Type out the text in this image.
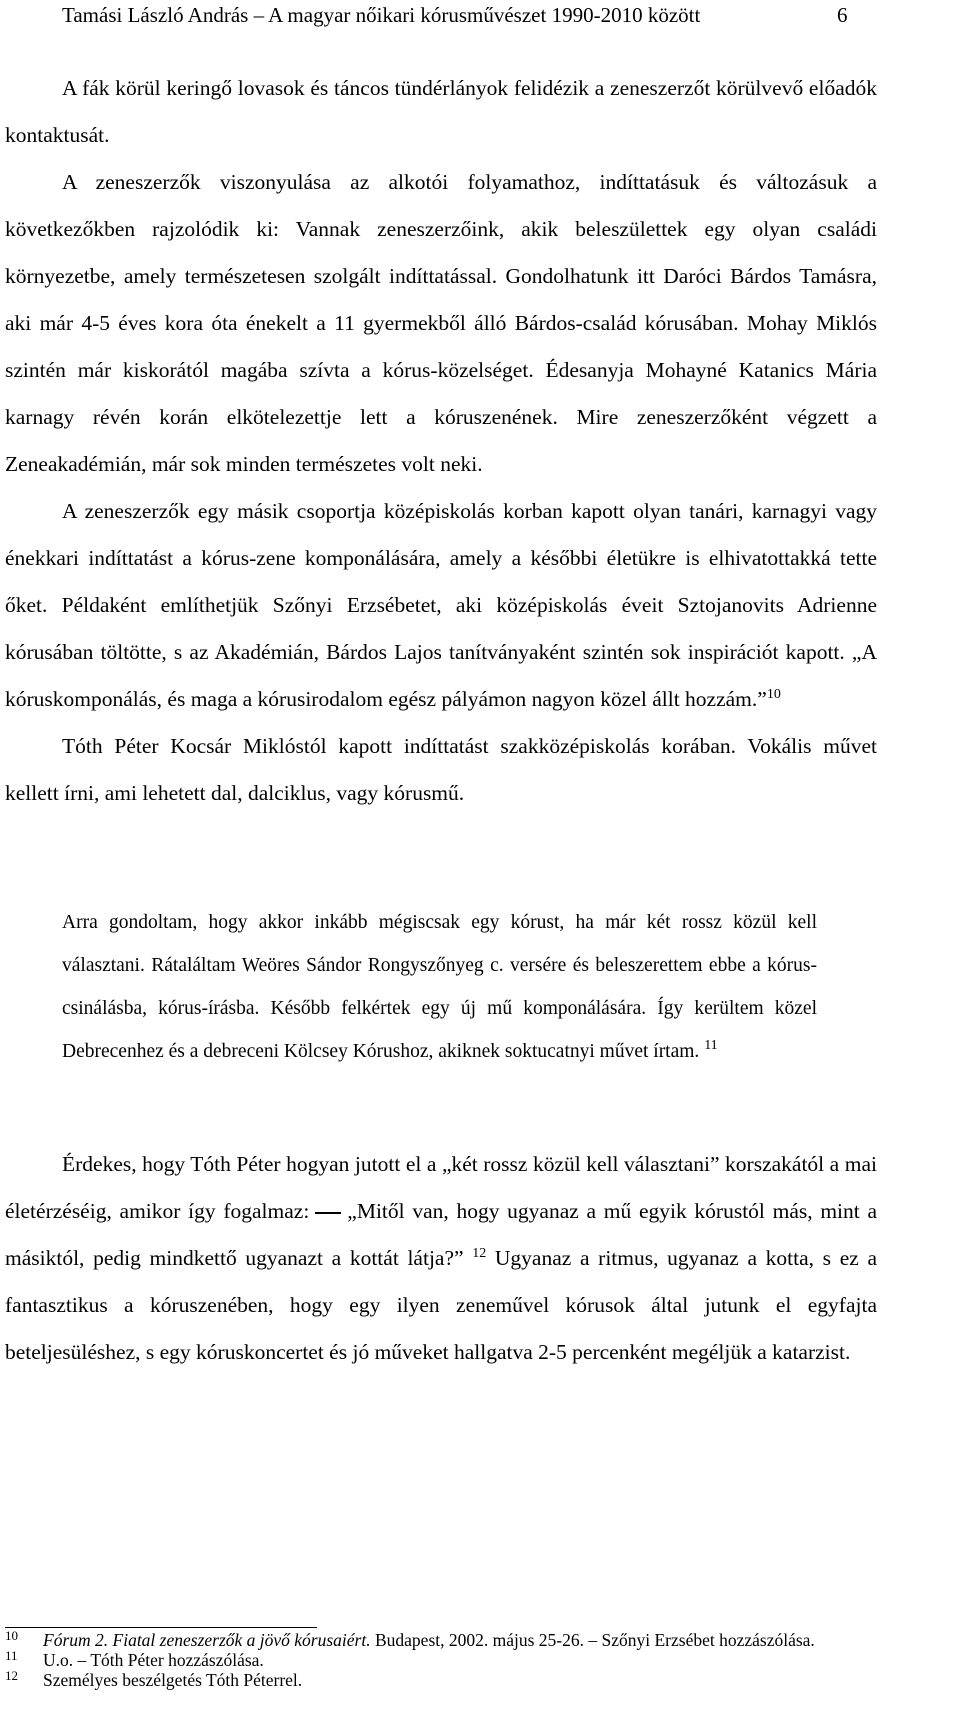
Tamási László András – A magyar nőikari kórusművészet 1990-2010 között	6

A fák körül keringő lovasok és táncos tündérlányok felidézik a zeneszerzőt körülvevő előadók kontaktusát.

A zeneszerzők viszonyulása az alkotói folyamathoz, indíttatásuk és változásuk a következőkben rajzolódik ki: Vannak zeneszerzőink, akik beleszülettek egy olyan családi környezetbe, amely természetesen szolgált indíttatással. Gondolhatunk itt Daróci Bárdos Tamásra, aki már 4-5 éves kora óta énekelt a 11 gyermekből álló Bárdos-család kórusában. Mohay Miklós szintén már kiskorától magába szívta a kórus-közelséget. Édesanyja Mohayné Katanics Mária karnagy révén korán elkötelezettje lett a kóruszenének. Mire zeneszerzőként végzett a Zeneakadémián, már sok minden természetes volt neki.

A zeneszerzők egy másik csoportja középiskolás korban kapott olyan tanári, karnagyi vagy énekkari indíttatást a kórus-zene komponálására, amely a későbbi életükre is elhivatottakká tette őket. Példaként említhetjük Szőnyi Erzsébetet, aki középiskolás éveit Sztojanovits Adrienne kórusában töltötte, s az Akadémián, Bárdos Lajos tanítványaként szintén sok inspirációt kapott. „A kóruskomponálás, és maga a kórusirodalom egész pályámon nagyon közel állt hozzám.”$^{10}$

Tóth Péter Kocsár Miklóstól kapott indíttatást szakközépiskolás korában. Vokális művet kellett írni, ami lehetett dal, dalciklus, vagy kórusmű.

Arra gondoltam, hogy akkor inkább mégiscsak egy kórust, ha már két rossz közül kell választani. Rátaláltam Weöres Sándor Rongyszőnyeg c. versére és beleszerettem ebbe a kórus-csinálásba, kórus-írásba. Később felkértek egy új mű komponálására. Így kerültem közel Debrecenhez és a debreceni Kölcsey Kórushoz, akiknek soktucatnyi művet írtam. $^{11}$

Érdekes, hogy Tóth Péter hogyan jutott el a „két rossz közül kell választani” korszakától a mai életérzéséig, amikor így fogalmaz: „Mitől van, hogy ugyanaz a mű egyik kórustól más, mint a másiktól, pedig mindkettő ugyanazt a kottát látja?” $^{12}$ Ugyanaz a ritmus, ugyanaz a kotta, s ez a fantasztikus a kóruszenében, hogy egy ilyen zeneművel kórusok által jutunk el egyfajta beteljesüléshez, s egy kóruskoncertet és jó műveket hallgatva 2-5 percenként megéljük a katarzist.

10	Fórum 2. Fiatal zeneszerzők a jövő kórusaiért. Budapest, 2002. május 25-26. – Szőnyi Erzsébet hozzászólása.
11	U.o. – Tóth Péter hozzászólása.
12	Személyes beszélgetés Tóth Péterrel.
